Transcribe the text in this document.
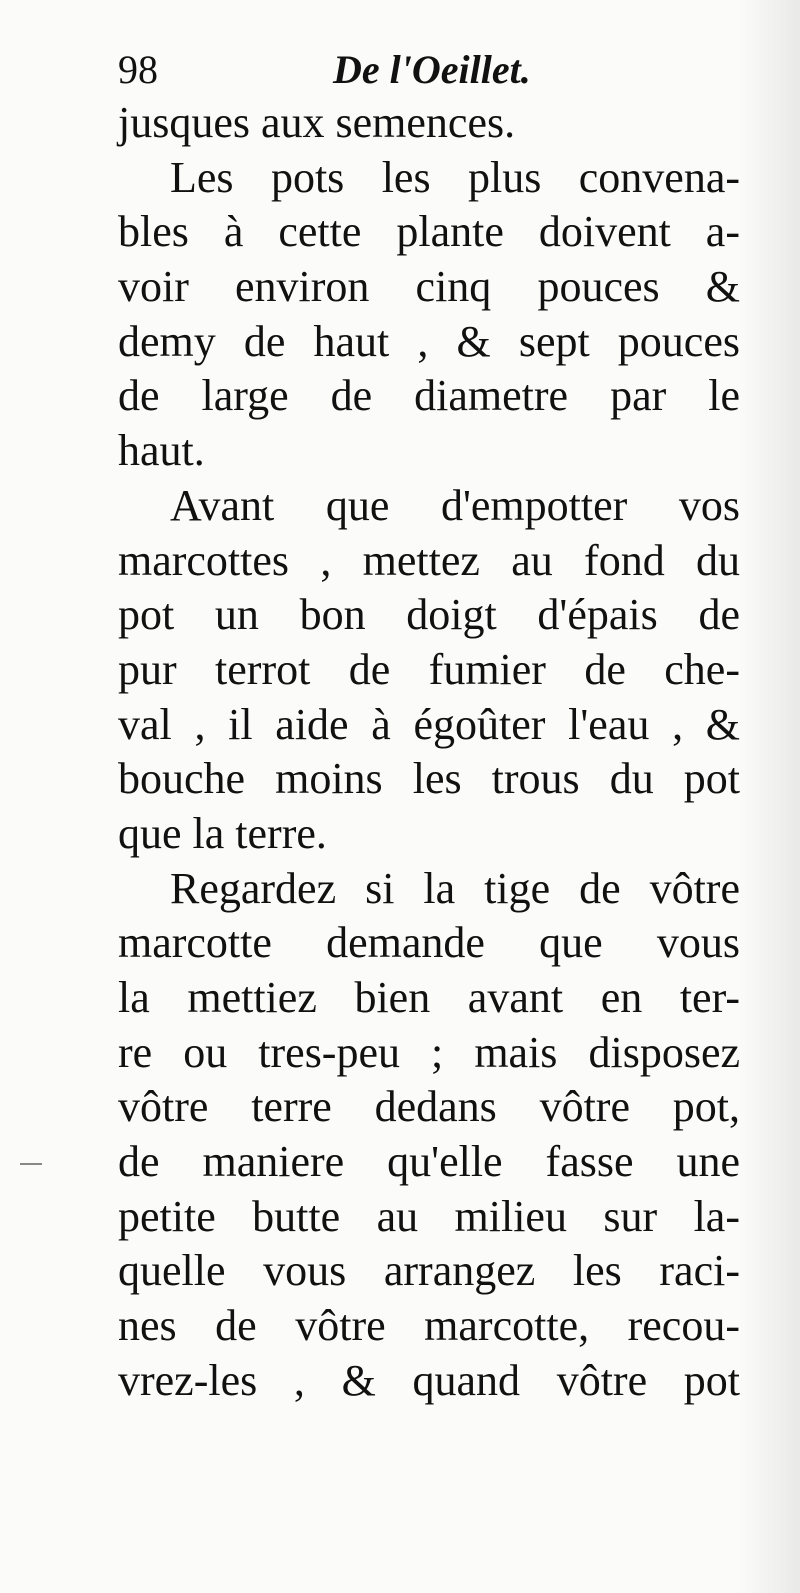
98	De l'Oeillet.
jusques aux semences.
Les pots les plus convena-
bles à cette plante doivent a-
voir environ cinq pouces &
demy de haut , & sept pouces
de large de diametre par le
haut.
Avant que d'empotter vos
marcottes , mettez au fond du
pot un bon doigt d'épais de
pur terrot de fumier de che-
val , il aide à égoûter l'eau , &
bouche moins les trous du pot
que la terre.
Regardez si la tige de vôtre
marcotte demande que vous
la mettiez bien avant en ter-
re ou tres-peu ; mais disposez
vôtre terre dedans vôtre pot,
de maniere qu'elle fasse une
petite butte au milieu sur la-
quelle vous arrangez les raci-
nes de vôtre marcotte, recou-
vrez-les , & quand vôtre pot
